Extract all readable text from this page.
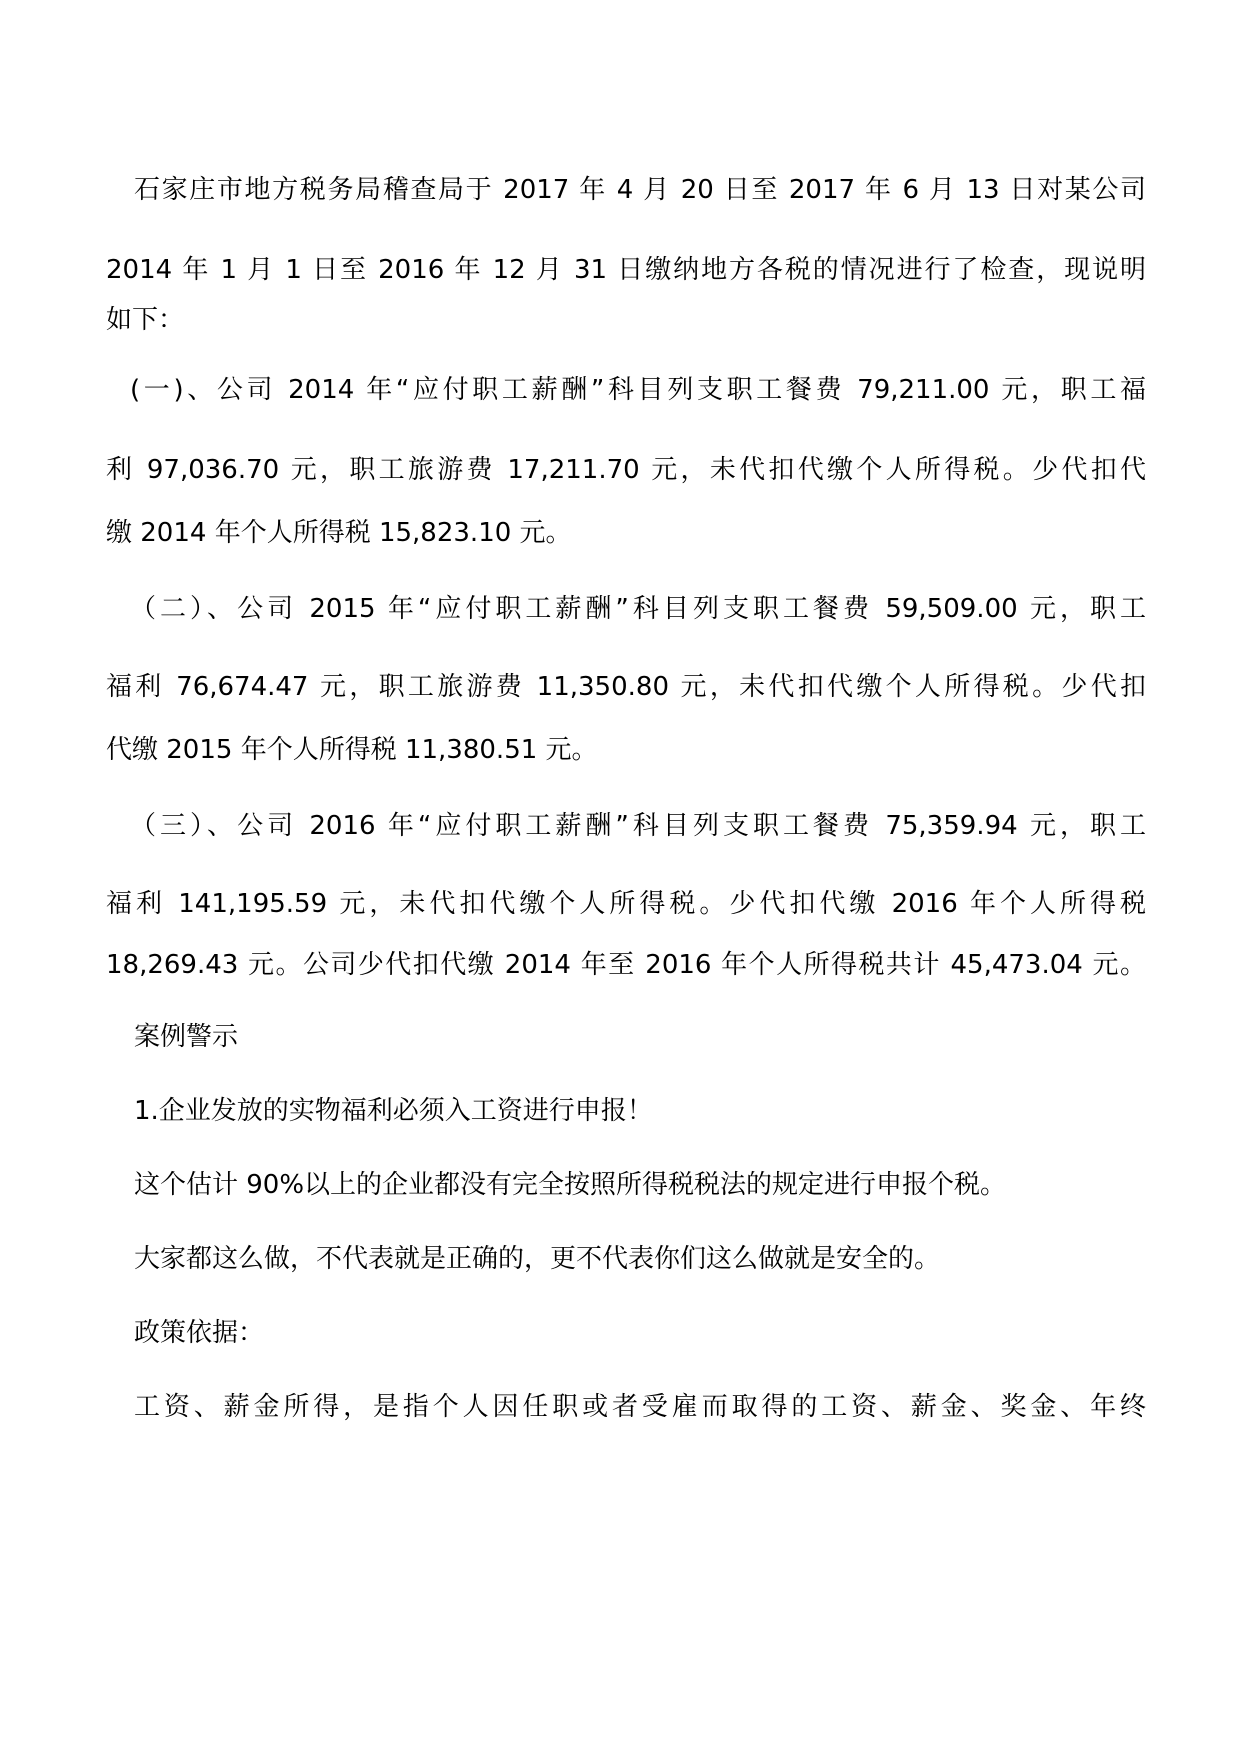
石家庄市地方税务局稽查局于 2017 年 4 月 20 日至 2017 年 6 月 13 日对某公司
2014 年 1 月 1 日至 2016 年 12 月 31 日缴纳地方各税的情况进行了检查，现说明
如下：
(一)、公司 2014 年“应付职工薪酬”科目列支职工餐费 79,211.00 元，职工福
利 97,036.70 元，职工旅游费 17,211.70 元，未代扣代缴个人所得税。少代扣代
缴 2014 年个人所得税 15,823.10 元。
（二）、公司 2015 年“应付职工薪酬”科目列支职工餐费 59,509.00 元，职工
福利 76,674.47 元，职工旅游费 11,350.80 元，未代扣代缴个人所得税。少代扣
代缴 2015 年个人所得税 11,380.51 元。
（三）、公司 2016 年“应付职工薪酬”科目列支职工餐费 75,359.94 元，职工
福利 141,195.59 元，未代扣代缴个人所得税。少代扣代缴 2016 年个人所得税
18,269.43 元。公司少代扣代缴 2014 年至 2016 年个人所得税共计 45,473.04 元。
案例警示
1.企业发放的实物福利必须入工资进行申报！
这个估计 90%以上的企业都没有完全按照所得税税法的规定进行申报个税。
大家都这么做，不代表就是正确的，更不代表你们这么做就是安全的。
政策依据：
工资、薪金所得，是指个人因任职或者受雇而取得的工资、薪金、奖金、年终
